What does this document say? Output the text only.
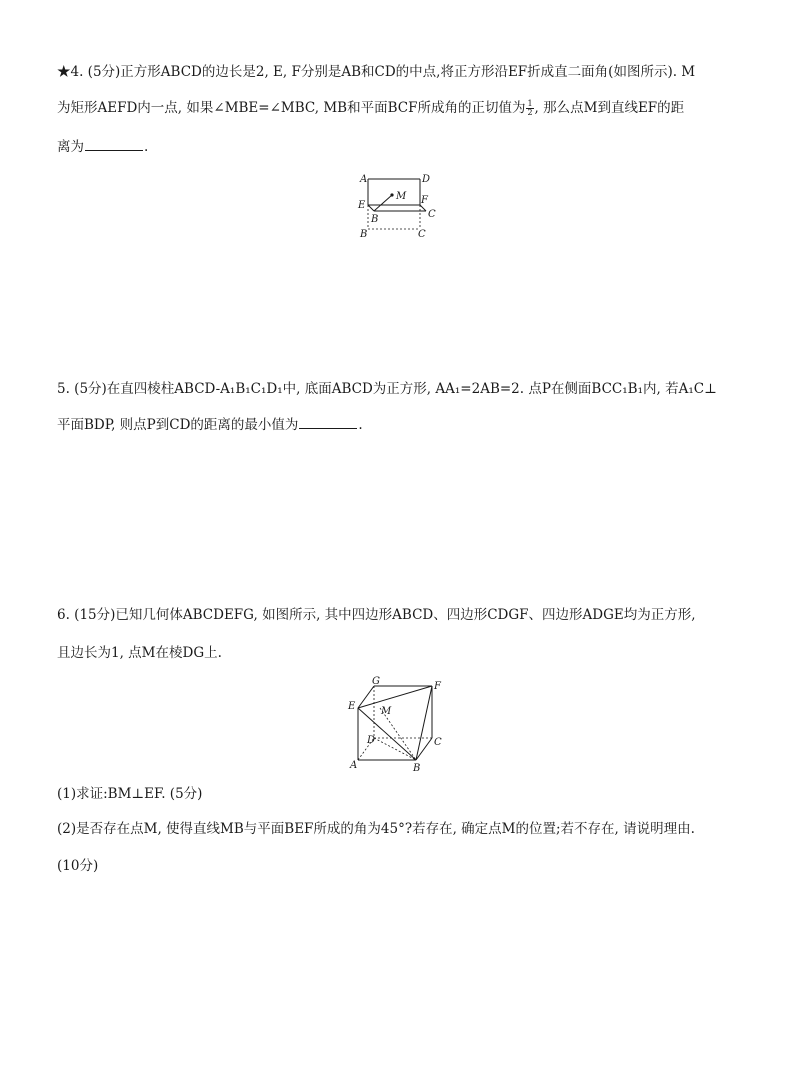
★4. (5分)正方形ABCD的边长是2, E, F分别是AB和CD的中点,将正方形沿EF折成直二面角(如图所示). M
为矩形AEFD内一点, 如果∠MBE=∠MBC, MB和平面BCF所成角的正切值为 $\frac{1}{2}$ , 那么点M到直线EF的距
离为	.
A	D
M
E	F
B	C
B	C
5. (5分)在直四棱柱ABCD-A₁B₁C₁D₁中, 底面ABCD为正方形, AA₁=2AB=2. 点P在侧面BCC₁B₁内, 若A₁C⊥
平面BDP, 则点P到CD的距离的最小值为	.
6. (15分)已知几何体ABCDEFG, 如图所示, 其中四边形ABCD、四边形CDGF、四边形ADGE均为正方形,
且边长为1, 点M在棱DG上.
G	F
E	M
D	C
A	B
(1)求证:BM⊥EF. (5分)
(2)是否存在点M, 使得直线MB与平面BEF所成的角为45°?若存在, 确定点M的位置;若不存在, 请说明理由.
(10分)
